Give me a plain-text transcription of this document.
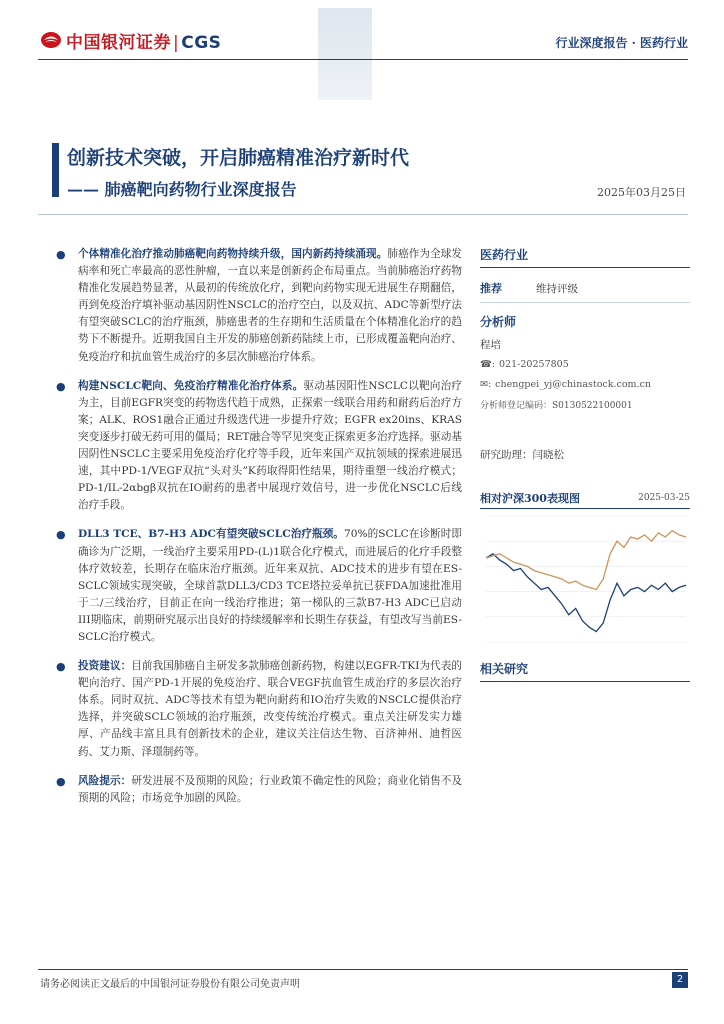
中国银河证券 | CGS	行业深度报告 · 医药行业
创新技术突破，开启肺癌精准治疗新时代
—— 肺癌靶向药物行业深度报告	2025年03月25日
● 个体精准化治疗推动肺癌靶向药物持续升级，国内新药持续涌现。肺癌作为全球发病率和死亡率最高的恶性肿瘤，一直以来是创新药企布局重点。当前肺癌治疗药物精准化发展趋势显著，从最初的传统放化疗，到靶向药物实现无进展生存期翻倍，再到免疫治疗填补驱动基因阴性NSCLC的治疗空白，以及双抗、ADC等新型疗法有望突破SCLC的治疗瓶颈，肺癌患者的生存期和生活质量在个体精准化治疗的趋势下不断提升。近期我国自主开发的肺癌创新药陆续上市，已形成覆盖靶向治疗、免疫治疗和抗血管生成治疗的多层次肺癌治疗体系。
● 构建NSCLC靶向、免疫治疗精准化治疗体系。驱动基因阳性NSCLC以靶向治疗为主，目前EGFR突变的药物迭代趋于成熟，正探索一线联合用药和耐药后治疗方案；ALK、ROS1融合正通过升级迭代进一步提升疗效；EGFR ex20ins、KRAS突变逐步打破无药可用的僵局；RET融合等罕见突变正探索更多治疗选择。驱动基因阴性NSCLC主要采用免疫治疗化疗等手段，近年来国产双抗领域的探索进展迅速，其中PD-1/VEGF双抗“头对头”K药取得阳性结果，期待重塑一线治疗模式；PD-1/IL-2αbgβ双抗在IO耐药的患者中展现疗效信号，进一步优化NSCLC后线治疗手段。
● DLL3 TCE、B7-H3 ADC有望突破SCLC治疗瓶颈。70%的SCLC在诊断时即确诊为广泛期，一线治疗主要采用PD-(L)1联合化疗模式，而进展后的化疗手段整体疗效较差，长期存在临床治疗瓶颈。近年来双抗、ADC技术的进步有望在ES-SCLC领域实现突破，全球首款DLL3/CD3 TCE塔拉妥单抗已获FDA加速批准用于二/三线治疗，目前正在向一线治疗推进；第一梯队的三款B7-H3 ADC已启动III期临床，前期研究展示出良好的持续缓解率和长期生存获益，有望改写当前ES-SCLC治疗模式。
● 投资建议：目前我国肺癌自主研发多款肺癌创新药物，构建以EGFR-TKI为代表的靶向治疗、国产PD-1开展的免疫治疗、联合VEGF抗血管生成治疗的多层次治疗体系。同时双抗、ADC等技术有望为靶向耐药和IO治疗失败的NSCLC提供治疗选择，并突破SCLC领域的治疗瓶颈，改变传统治疗模式。重点关注研发实力雄厚、产品线丰富且具有创新技术的企业，建议关注信达生物、百济神州、迪哲医药、艾力斯、泽璟制药等。
● 风险提示：研发进展不及预期的风险；行业政策不确定性的风险；商业化销售不及预期的风险；市场竞争加剧的风险。
医药行业
推荐	维持评级
分析师
程培
☎: 021-20257805
✉: chengpei_yj@chinastock.com.cn
分析师登记编码：S0130522100001
研究助理：闫晓松
相对沪深300表现图	2025-03-25
相关研究
请务必阅读正文最后的中国银河证券股份有限公司免责声明	2
